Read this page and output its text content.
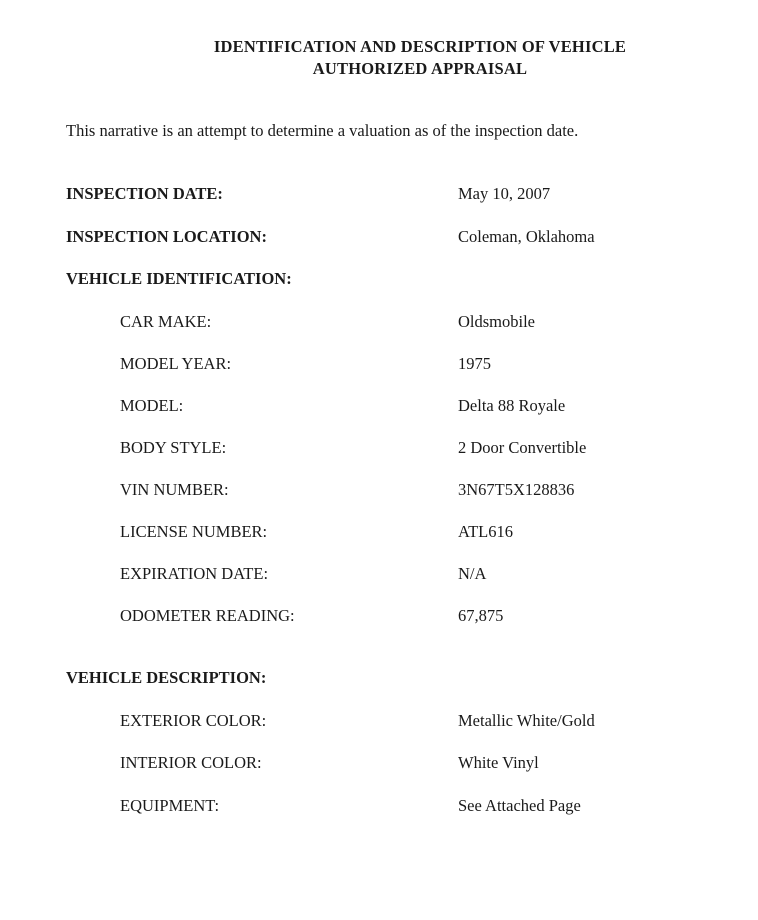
IDENTIFICATION AND DESCRIPTION OF VEHICLE

AUTHORIZED APPRAISAL

This narrative is an attempt to determine a valuation as of the inspection date.

INSPECTION DATE:	May 10, 2007
INSPECTION LOCATION:	Coleman, Oklahoma
VEHICLE IDENTIFICATION:
CAR MAKE:	Oldsmobile
MODEL YEAR:	1975
MODEL:	Delta 88 Royale
BODY STYLE:	2 Door Convertible
VIN NUMBER:	3N67T5X128836
LICENSE NUMBER:	ATL616
EXPIRATION DATE:	N/A
ODOMETER READING:	67,875
VEHICLE DESCRIPTION:
EXTERIOR COLOR:	Metallic White/Gold
INTERIOR COLOR:	White Vinyl
EQUIPMENT:	See Attached Page
